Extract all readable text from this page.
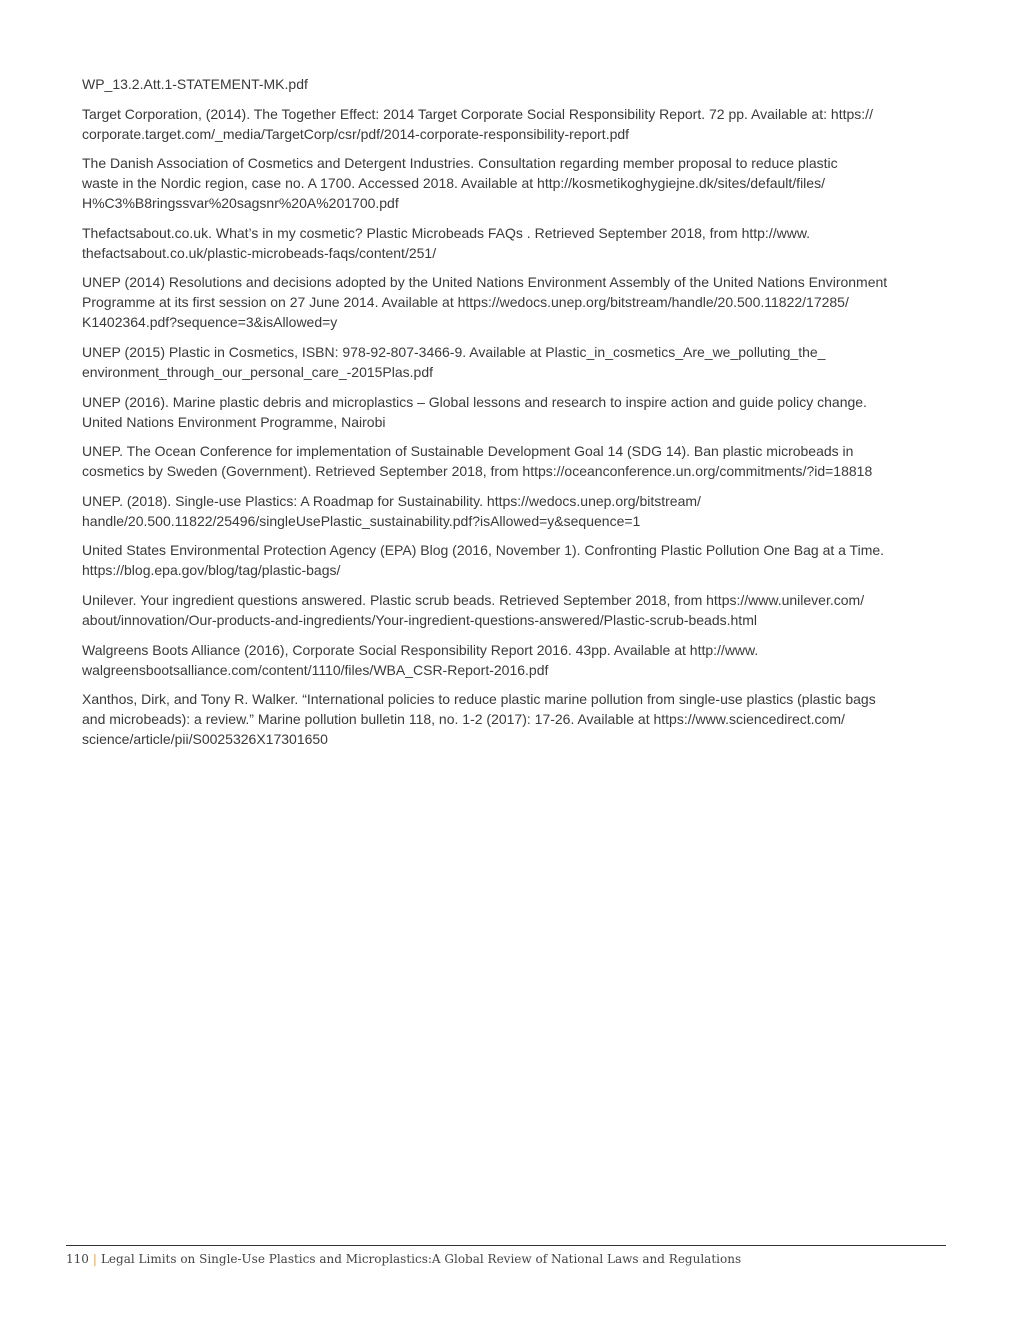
WP_13.2.Att.1-STATEMENT-MK.pdf

Target Corporation, (2014). The Together Effect: 2014 Target Corporate Social Responsibility Report. 72 pp. Available at: https://
corporate.target.com/_media/TargetCorp/csr/pdf/2014-corporate-responsibility-report.pdf

The Danish Association of Cosmetics and Detergent Industries. Consultation regarding member proposal to reduce plastic
waste in the Nordic region, case no. A 1700. Accessed 2018. Available at http://kosmetikoghygiejne.dk/sites/default/files/
H%C3%B8ringssvar%20sagsnr%20A%201700.pdf

Thefactsabout.co.uk. What’s in my cosmetic? Plastic Microbeads FAQs . Retrieved September 2018, from http://www.
thefactsabout.co.uk/plastic-microbeads-faqs/content/251/

UNEP (2014) Resolutions and decisions adopted by the United Nations Environment Assembly of the United Nations Environment
Programme at its first session on 27 June 2014. Available at https://wedocs.unep.org/bitstream/handle/20.500.11822/17285/
K1402364.pdf?sequence=3&isAllowed=y

UNEP (2015) Plastic in Cosmetics, ISBN: 978-92-807-3466-9. Available at Plastic_in_cosmetics_Are_we_polluting_the_
environment_through_our_personal_care_-2015Plas.pdf

UNEP (2016). Marine plastic debris and microplastics – Global lessons and research to inspire action and guide policy change.
United Nations Environment Programme, Nairobi

UNEP. The Ocean Conference for implementation of Sustainable Development Goal 14 (SDG 14). Ban plastic microbeads in
cosmetics by Sweden (Government). Retrieved September 2018, from https://oceanconference.un.org/commitments/?id=18818

UNEP. (2018). Single-use Plastics: A Roadmap for Sustainability. https://wedocs.unep.org/bitstream/
handle/20.500.11822/25496/singleUsePlastic_sustainability.pdf?isAllowed=y&sequence=1

United States Environmental Protection Agency (EPA) Blog (2016, November 1). Confronting Plastic Pollution One Bag at a Time.
https://blog.epa.gov/blog/tag/plastic-bags/

Unilever. Your ingredient questions answered. Plastic scrub beads. Retrieved September 2018, from https://www.unilever.com/
about/innovation/Our-products-and-ingredients/Your-ingredient-questions-answered/Plastic-scrub-beads.html

Walgreens Boots Alliance (2016), Corporate Social Responsibility Report 2016. 43pp. Available at http://www.
walgreensbootsalliance.com/content/1110/files/WBA_CSR-Report-2016.pdf

Xanthos, Dirk, and Tony R. Walker. “International policies to reduce plastic marine pollution from single-use plastics (plastic bags
and microbeads): a review.” Marine pollution bulletin 118, no. 1-2 (2017): 17-26. Available at https://www.sciencedirect.com/
science/article/pii/S0025326X17301650

110 | Legal Limits on Single-Use Plastics and Microplastics:A Global Review of National Laws and Regulations
